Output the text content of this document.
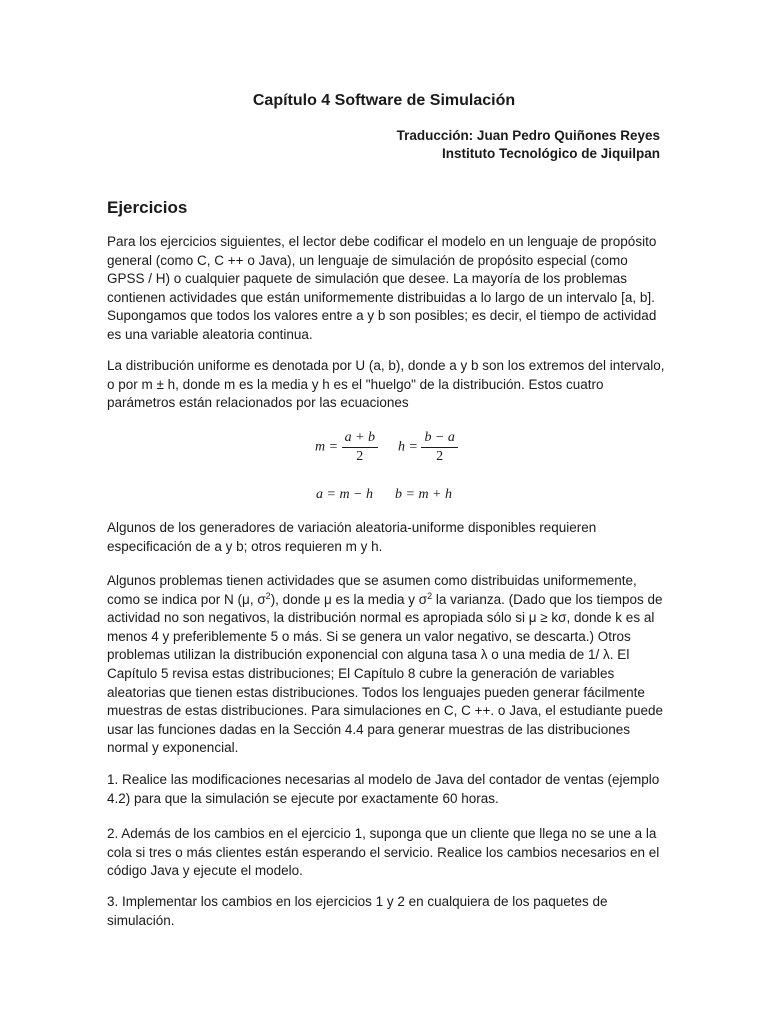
Capítulo 4 Software de Simulación
Traducción: Juan Pedro Quiñones Reyes
Instituto Tecnológico de Jiquilpan
Ejercicios

Para los ejercicios siguientes, el lector debe codificar el modelo en un lenguaje de propósito general (como C, C ++ o Java), un lenguaje de simulación de propósito especial (como GPSS / H) o cualquier paquete de simulación que desee. La mayoría de los problemas contienen actividades que están uniformemente distribuidas a lo largo de un intervalo [a, b]. Supongamos que todos los valores entre a y b son posibles; es decir, el tiempo de actividad es una variable aleatoria continua.

La distribución uniforme es denotada por U (a, b), donde a y b son los extremos del intervalo, o por m ± h, donde m es la media y h es el "huelgo" de la distribución. Estos cuatro parámetros están relacionados por las ecuaciones

$m = \frac{a + b}{2}$ $h = \frac{b - a}{2}$
a = m − h b = m + h

Algunos de los generadores de variación aleatoria-uniforme disponibles requieren especificación de a y b; otros requieren m y h.

Algunos problemas tienen actividades que se asumen como distribuidas uniformemente, como se indica por N (μ, $\sigma^2$), donde μ es la media y $\sigma^2$ la varianza. (Dado que los tiempos de actividad no son negativos, la distribución normal es apropiada sólo si μ ≥ kσ, donde k es al menos 4 y preferiblemente 5 o más. Si se genera un valor negativo, se descarta.) Otros problemas utilizan la distribución exponencial con alguna tasa λ o una media de 1/ λ. El Capítulo 5 revisa estas distribuciones; El Capítulo 8 cubre la generación de variables aleatorias que tienen estas distribuciones. Todos los lenguajes pueden generar fácilmente muestras de estas distribuciones. Para simulaciones en C, C ++. o Java, el estudiante puede usar las funciones dadas en la Sección 4.4 para generar muestras de las distribuciones normal y exponencial.

1. Realice las modificaciones necesarias al modelo de Java del contador de ventas (ejemplo 4.2) para que la simulación se ejecute por exactamente 60 horas.

2. Además de los cambios en el ejercicio 1, suponga que un cliente que llega no se une a la cola si tres o más clientes están esperando el servicio. Realice los cambios necesarios en el código Java y ejecute el modelo.

3. Implementar los cambios en los ejercicios 1 y 2 en cualquiera de los paquetes de simulación.
